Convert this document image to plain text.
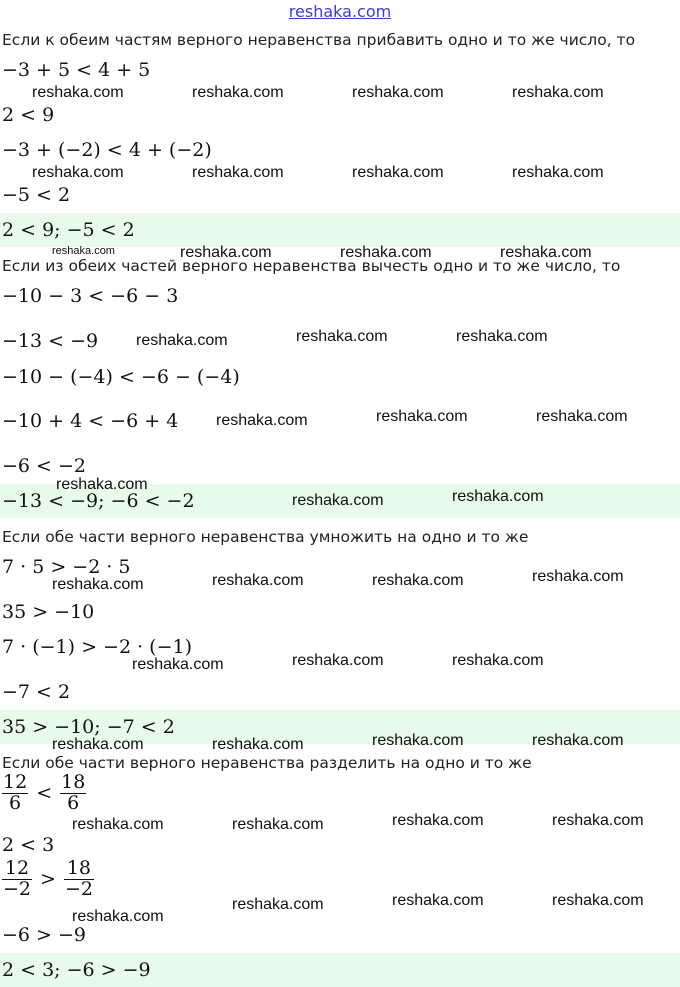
reshaka.com
Если к обеим частям верного неравенства прибавить одно и то же число, то
−3 + 5 < 4 + 5
2 < 9
−3 + (−2) < 4 + (−2)
−5 < 2
2 < 9; −5 < 2
Если из обеих частей верного неравенства вычесть одно и то же число, то
−10 − 3 < −6 − 3
−13 < −9
−10 − (−4) < −6 − (−4)
−10 + 4 < −6 + 4
−6 < −2
−13 < −9; −6 < −2
Если обе части верного неравенства умножить на одно и то же
7 · 5 > −2 · 5
35 > −10
7 · (−1) > −2 · (−1)
−7 < 2
35 > −10; −7 < 2
Если обе части верного неравенства разделить на одно и то же
$\frac{12}{6} < \frac{18}{6}$
2 < 3
$\frac{12}{-2} > \frac{18}{-2}$
−6 > −9
2 < 3; −6 > −9
reshaka.com	reshaka.com	reshaka.com	reshaka.com
reshaka.com	reshaka.com	reshaka.com	reshaka.com
reshaka.com	reshaka.com	reshaka.com	reshaka.com
reshaka.com	reshaka.com	reshaka.com
reshaka.com	reshaka.com	reshaka.com
reshaka.com
reshaka.com	reshaka.com
reshaka.com	reshaka.com	reshaka.com	reshaka.com
reshaka.com	reshaka.com	reshaka.com
reshaka.com	reshaka.com	reshaka.com	reshaka.com
reshaka.com	reshaka.com	reshaka.com	reshaka.com
reshaka.com
reshaka.com	reshaka.com	reshaka.com
